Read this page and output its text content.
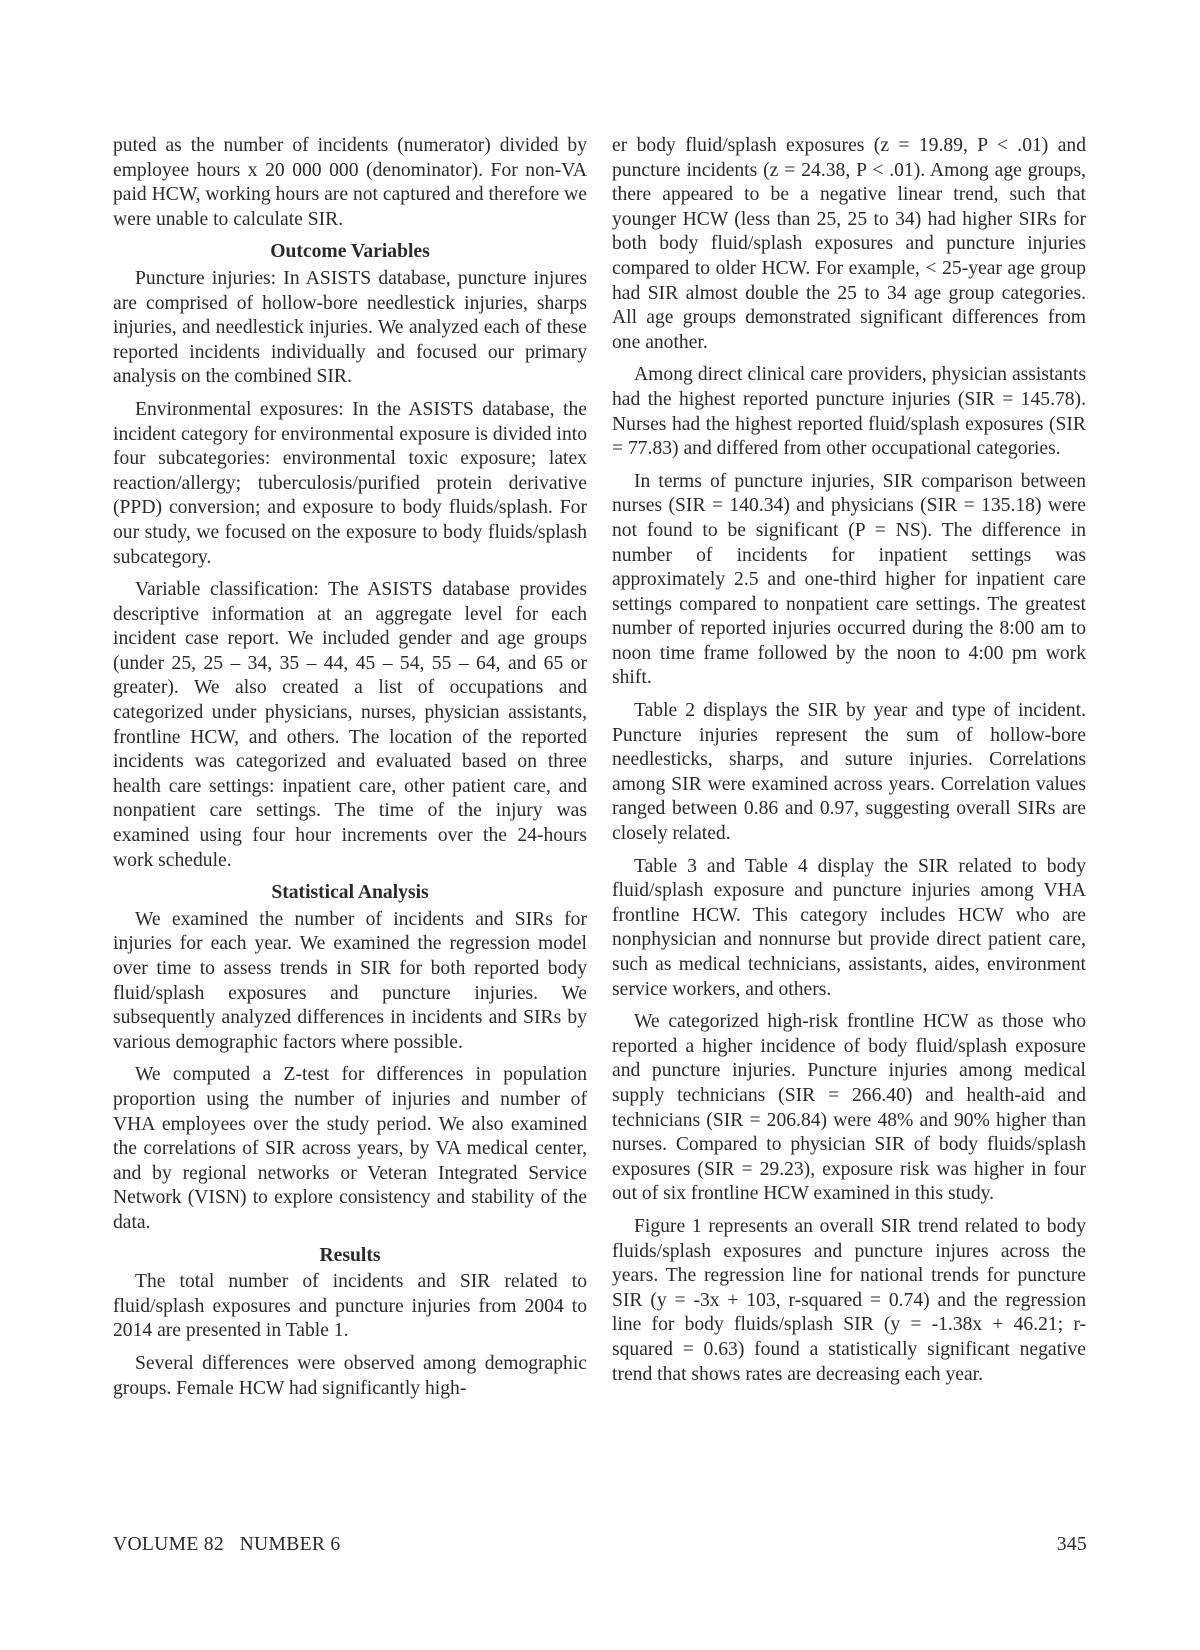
puted as the number of incidents (numerator) divided by employee hours x 20 000 000 (denominator). For non-VA paid HCW, working hours are not captured and therefore we were unable to calculate SIR.

Outcome Variables

Puncture injuries: In ASISTS database, puncture injures are comprised of hollow-bore needlestick injuries, sharps injuries, and needlestick injuries. We analyzed each of these reported incidents individually and focused our primary analysis on the combined SIR.

Environmental exposures: In the ASISTS database, the incident category for environmental exposure is divided into four subcategories: environmental toxic exposure; latex reaction/allergy; tuberculosis/purified protein derivative (PPD) conversion; and exposure to body fluids/splash. For our study, we focused on the exposure to body fluids/splash subcategory.

Variable classification: The ASISTS database provides descriptive information at an aggregate level for each incident case report. We included gender and age groups (under 25, 25 – 34, 35 – 44, 45 – 54, 55 – 64, and 65 or greater). We also created a list of occupations and categorized under physicians, nurses, physician assistants, frontline HCW, and others. The location of the reported incidents was categorized and evaluated based on three health care settings: inpatient care, other patient care, and nonpatient care settings. The time of the injury was examined using four hour increments over the 24-hours work schedule.

Statistical Analysis

We examined the number of incidents and SIRs for injuries for each year. We examined the regression model over time to assess trends in SIR for both reported body fluid/splash exposures and puncture injuries. We subsequently analyzed differences in incidents and SIRs by various demographic factors where possible.

We computed a Z-test for differences in population proportion using the number of injuries and number of VHA employees over the study period. We also examined the correlations of SIR across years, by VA medical center, and by regional networks or Veteran Integrated Service Network (VISN) to explore consistency and stability of the data.

Results

The total number of incidents and SIR related to fluid/splash exposures and puncture injuries from 2004 to 2014 are presented in Table 1.

Several differences were observed among demographic groups. Female HCW had significantly high-

er body fluid/splash exposures (z = 19.89, P < .01) and puncture incidents (z = 24.38, P < .01). Among age groups, there appeared to be a negative linear trend, such that younger HCW (less than 25, 25 to 34) had higher SIRs for both body fluid/splash exposures and puncture injuries compared to older HCW. For example, < 25-year age group had SIR almost double the 25 to 34 age group categories. All age groups demonstrated significant differences from one another.

Among direct clinical care providers, physician assistants had the highest reported puncture injuries (SIR = 145.78). Nurses had the highest reported fluid/splash exposures (SIR = 77.83) and differed from other occupational categories.

In terms of puncture injuries, SIR comparison between nurses (SIR = 140.34) and physicians (SIR = 135.18) were not found to be significant (P = NS). The difference in number of incidents for inpatient settings was approximately 2.5 and one-third higher for inpatient care settings compared to nonpatient care settings. The greatest number of reported injuries occurred during the 8:00 am to noon time frame followed by the noon to 4:00 pm work shift.

Table 2 displays the SIR by year and type of incident. Puncture injuries represent the sum of hollow-bore needlesticks, sharps, and suture injuries. Correlations among SIR were examined across years. Correlation values ranged between 0.86 and 0.97, suggesting overall SIRs are closely related.

Table 3 and Table 4 display the SIR related to body fluid/splash exposure and puncture injuries among VHA frontline HCW. This category includes HCW who are nonphysician and nonnurse but provide direct patient care, such as medical technicians, assistants, aides, environment service workers, and others.

We categorized high-risk frontline HCW as those who reported a higher incidence of body fluid/splash exposure and puncture injuries. Puncture injuries among medical supply technicians (SIR = 266.40) and health-aid and technicians (SIR = 206.84) were 48% and 90% higher than nurses. Compared to physician SIR of body fluids/splash exposures (SIR = 29.23), exposure risk was higher in four out of six frontline HCW examined in this study.

Figure 1 represents an overall SIR trend related to body fluids/splash exposures and puncture injures across the years. The regression line for national trends for puncture SIR (y = -3x + 103, r-squared = 0.74) and the regression line for body fluids/splash SIR (y = -1.38x + 46.21; r-squared = 0.63) found a statistically significant negative trend that shows rates are decreasing each year.

VOLUME 82   NUMBER 6	345
